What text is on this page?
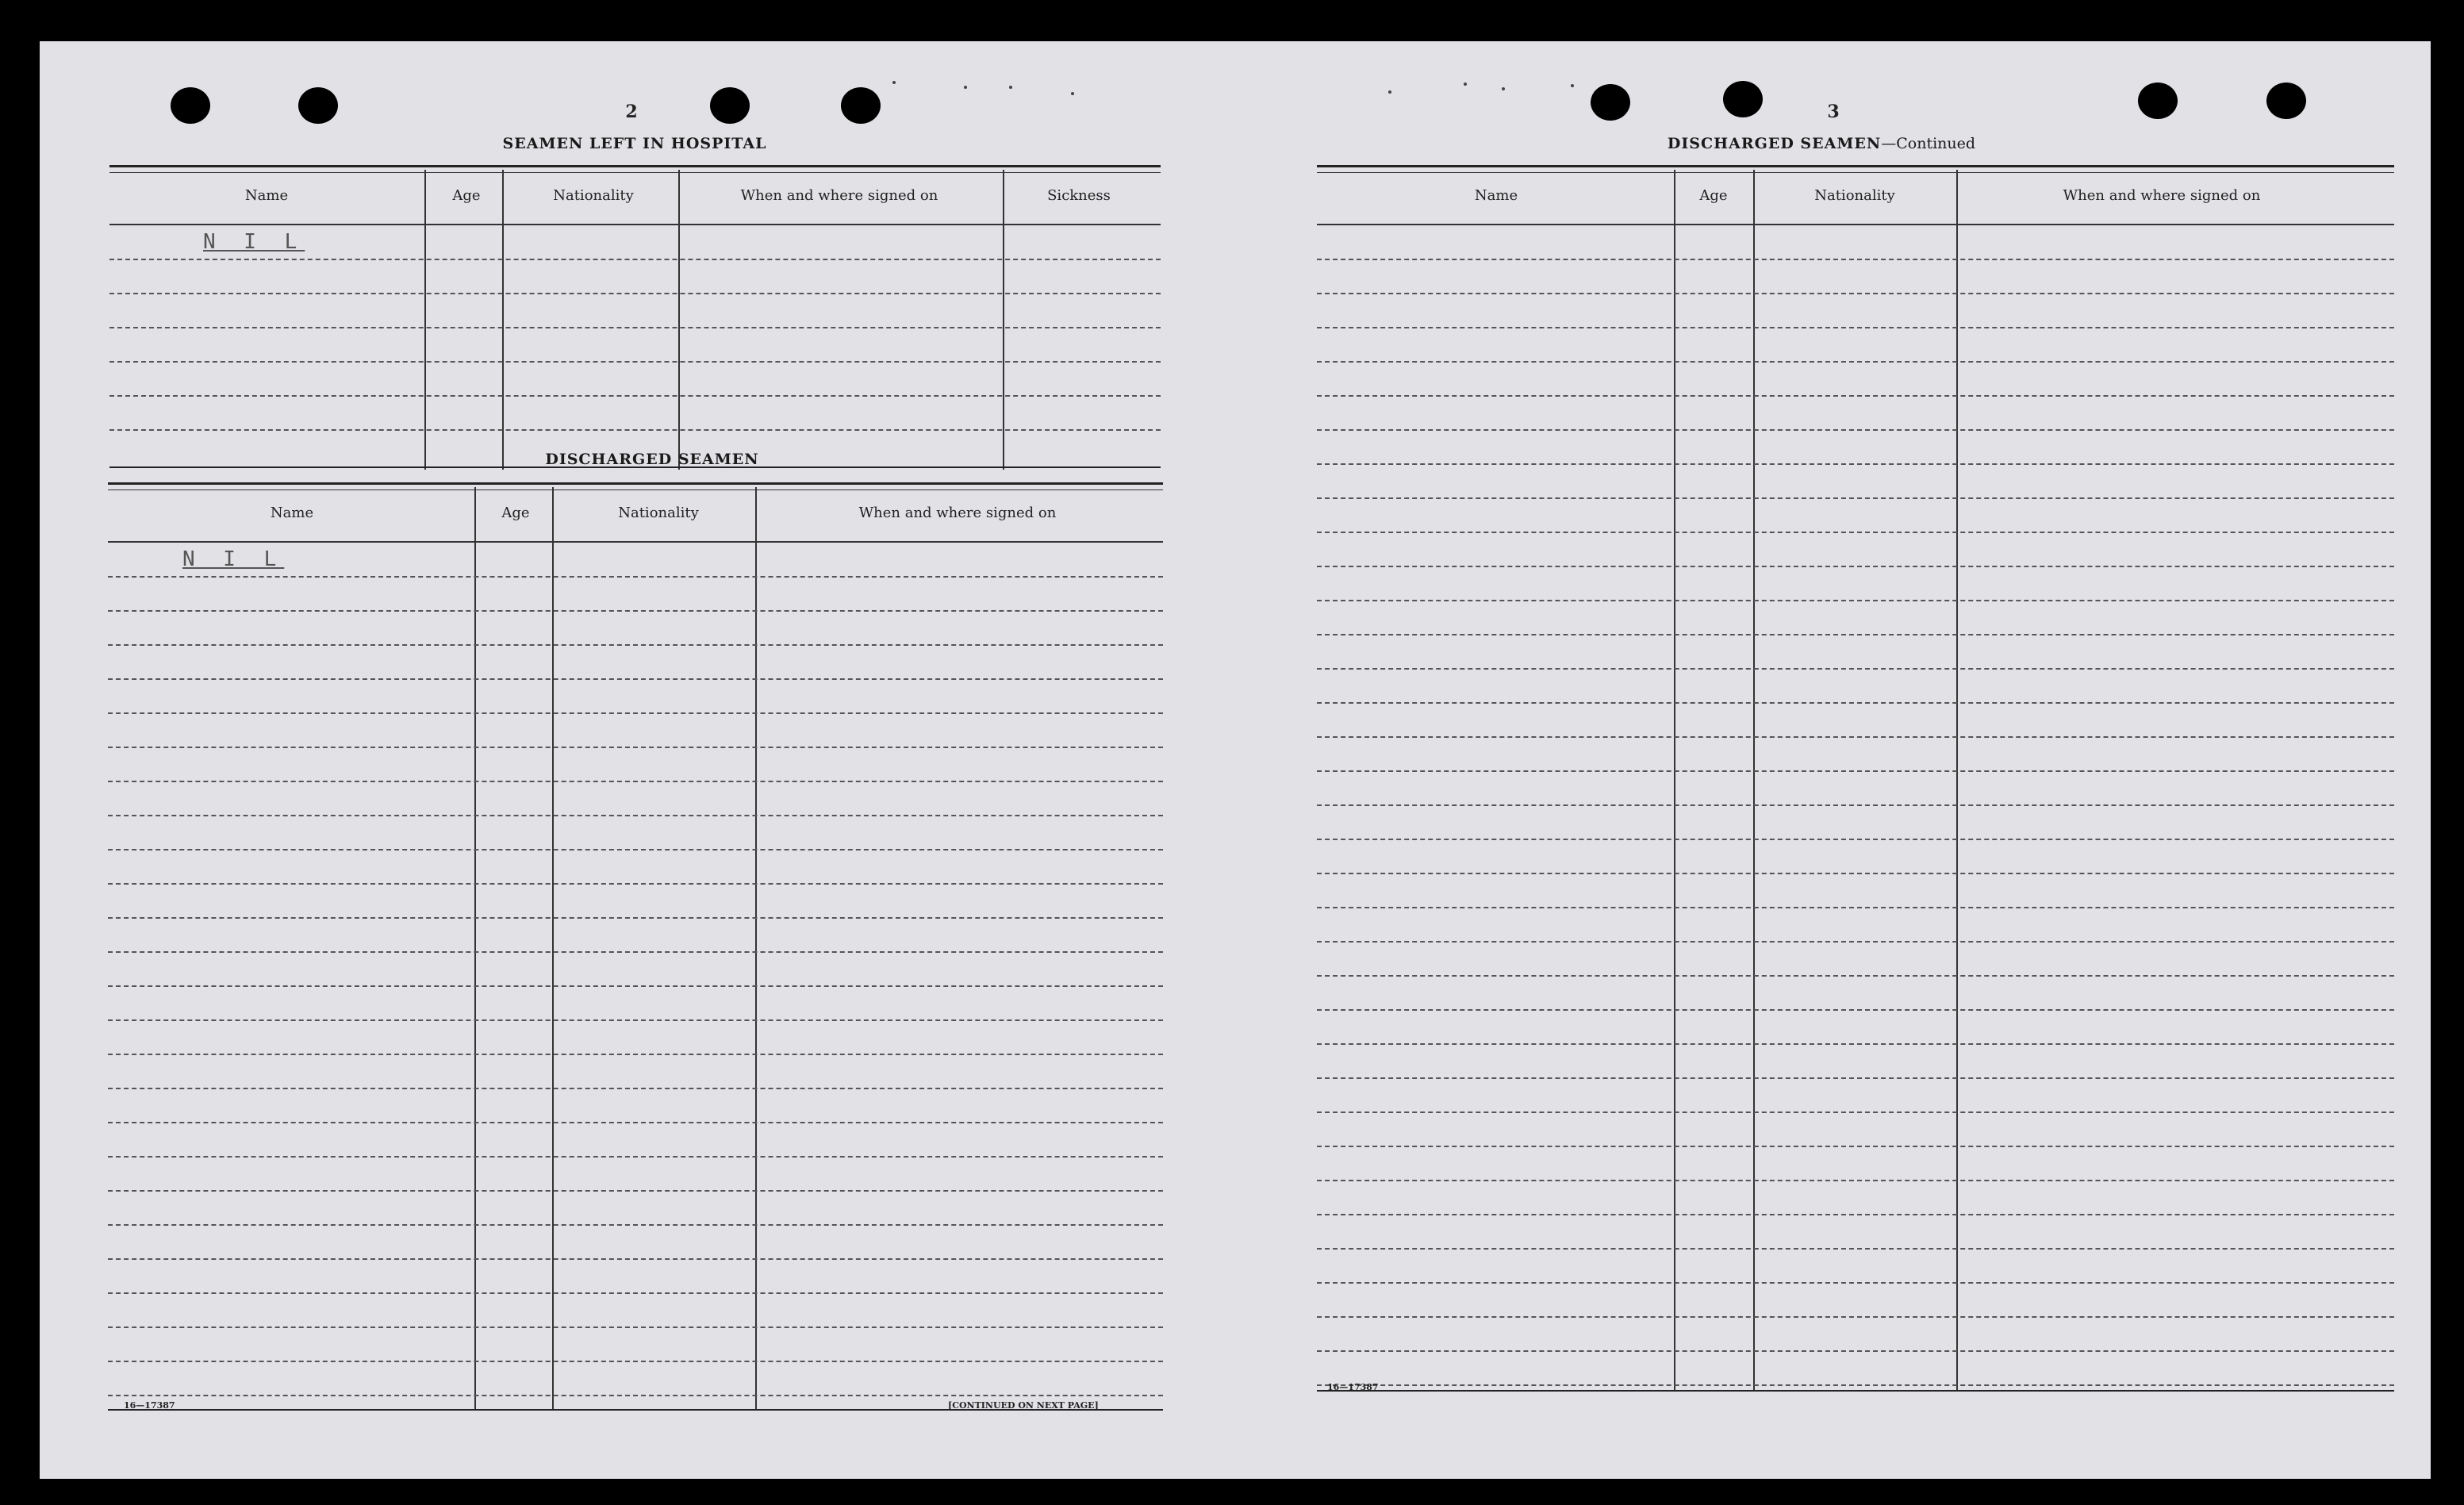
2
SEAMEN LEFT IN HOSPITAL
Name	Age	Nationality	When and where signed on	Sickness
N I L
DISCHARGED SEAMEN
Name	Age	Nationality	When and where signed on
N I L
16—17387	[CONTINUED ON NEXT PAGE]
3
DISCHARGED SEAMEN—Continued
Name	Age	Nationality	When and where signed on
16—17387
